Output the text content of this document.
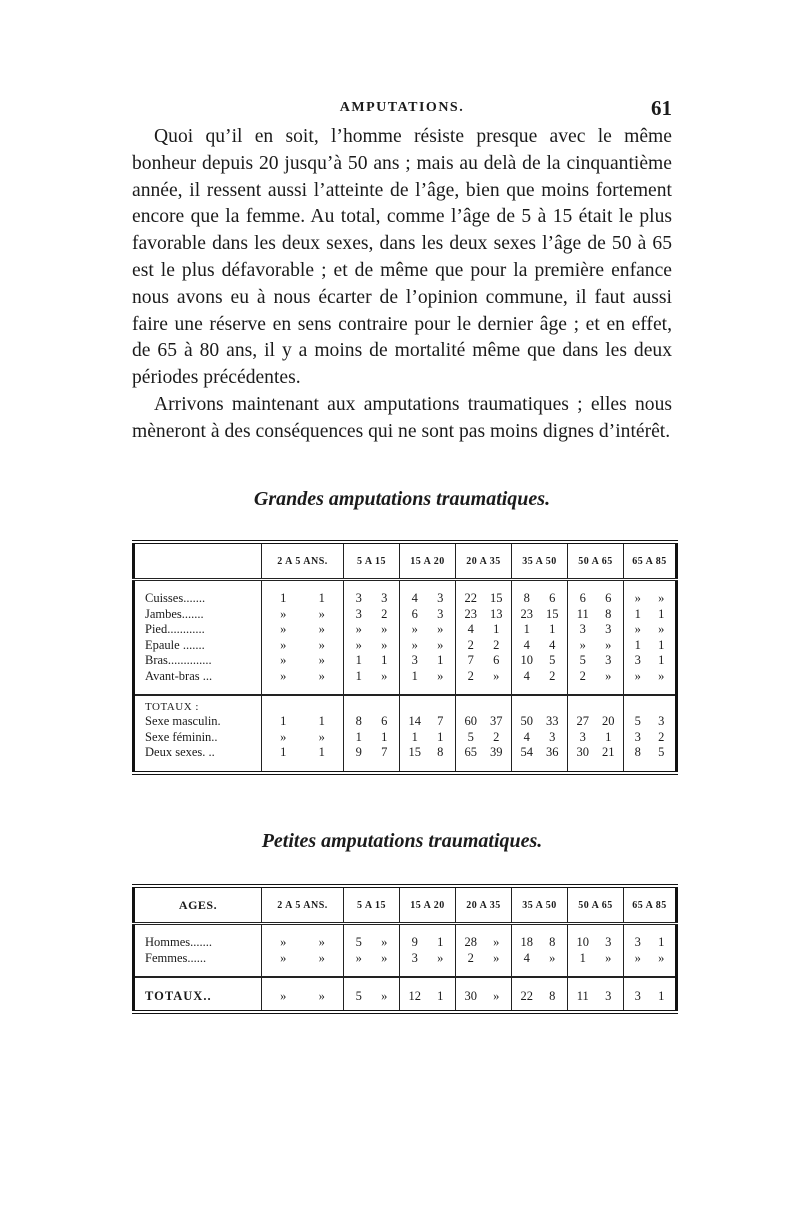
AMPUTATIONS.	61

Quoi qu’il en soit, l’homme résiste presque avec le même bonheur depuis 20 jusqu’à 50 ans ; mais au delà de la cinquantième année, il ressent aussi l’atteinte de l’âge, bien que moins fortement encore que la femme. Au total, comme l’âge de 5 à 15 était le plus favorable dans les deux sexes, dans les deux sexes l’âge de 50 à 65 est le plus défavorable ; et de même que pour la première enfance nous avons eu à nous écarter de l’opinion commune, il faut aussi faire une réserve en sens contraire pour le dernier âge ; et en effet, de 65 à 80 ans, il y a moins de mortalité même que dans les deux périodes précédentes.

Arrivons maintenant aux amputations traumatiques ; elles nous mèneront à des conséquences qui ne sont pas moins dignes d’intérêt.

Grandes amputations traumatiques.
	2 A 5 ANS.	5 A 15	15 A 20	20 A 35	35 A 50	50 A 65	65 A 85

Cuisses.......	1 1	3 3	4 3	22 15	8 6	6 6	» »
Jambes.......	» »	3 2	6 3	23 13	23 15	11 8	1 1
Pied............	» »	» »	» »	4 1	1 1	3 3	» »
Epaule .......	» »	» »	» »	2 2	4 4	» »	1 1
Bras..............	» »	1 1	3 1	7 6	10 5	5 3	3 1
Avant-bras ...	» »	1 »	1 »	2 »	4 2	2 »	» »

TOTAUX :							
Sexe masculin.	1 1	8 6	14 7	60 37	50 33	27 20	5 3
Sexe féminin..	» »	1 1	1 1	5 2	4 3	3 1	3 2
Deux sexes. ..	1 1	9 7	15 8	65 39	54 36	30 21	8 5

Petites amputations traumatiques.
AGES.	2 A 5 ANS.	5 A 15	15 A 20	20 A 35	35 A 50	50 A 65	65 A 85

Hommes.......	» »	5 »	9 1	28 »	18 8	10 3	3 1
Femmes......	» »	» »	3 »	2 »	4 »	1 »	» »

TOTAUX..	» »	5 »	12 1	30 »	22 8	11 3	3 1
